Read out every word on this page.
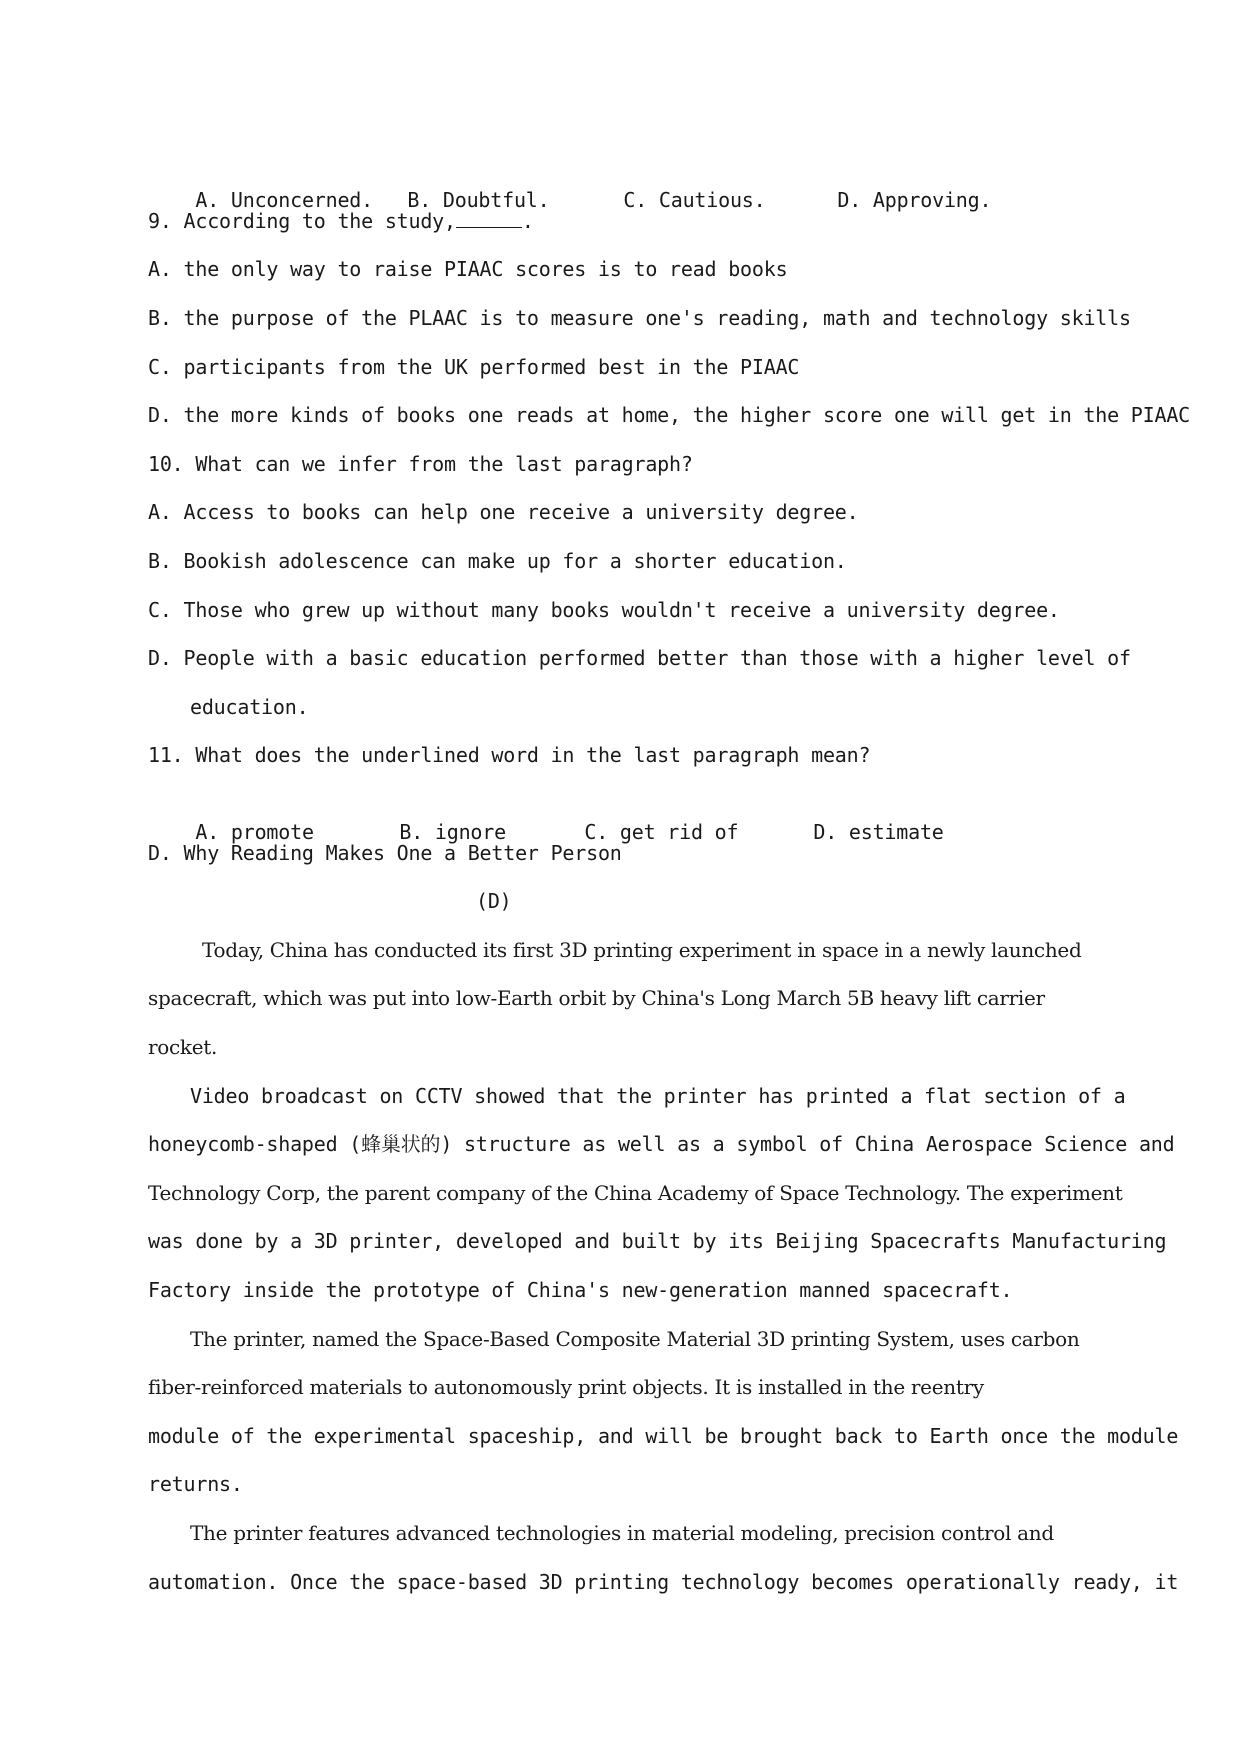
A. Unconcerned. B. Doubtful.	C. Cautious.	D. Approving.

9. According to the study,	.
A. the only way to raise PIAAC scores is to read books
B. the purpose of the PLAAC is to measure one's reading, math and technology skills
C. participants from the UK performed best in the PIAAC
D. the more kinds of books one reads at home, the higher score one will get in the PIAAC
10. What can we infer from the last paragraph?
A. Access to books can help one receive a university degree.
B. Bookish adolescence can make up for a shorter education.
C. Those who grew up without many books wouldn't receive a university degree.
D. People with a basic education performed better than those with a higher level of
education.
11. What does the underlined word in the last paragraph mean?

A. promote	B. ignore	C. get rid of	D. estimate

D. Why Reading Makes One a Better Person
(D)
Today, China has conducted its first 3D printing experiment in space in a newly launched
spacecraft, which was put into low-Earth orbit by China's Long March 5B heavy lift carrier
rocket.
Video broadcast on CCTV showed that the printer has printed a flat section of a
honeycomb-shaped (蜂巢状的) structure as well as a symbol of China Aerospace Science and
Technology Corp, the parent company of the China Academy of Space Technology. The experiment
was done by a 3D printer, developed and built by its Beijing Spacecrafts Manufacturing
Factory inside the prototype of China's new-generation manned spacecraft.
The printer, named the Space-Based Composite Material 3D printing System, uses carbon
fiber-reinforced materials to autonomously print objects. It is installed in the reentry
module of the experimental spaceship, and will be brought back to Earth once the module
returns.
The printer features advanced technologies in material modeling, precision control and
automation. Once the space-based 3D printing technology becomes operationally ready, it
